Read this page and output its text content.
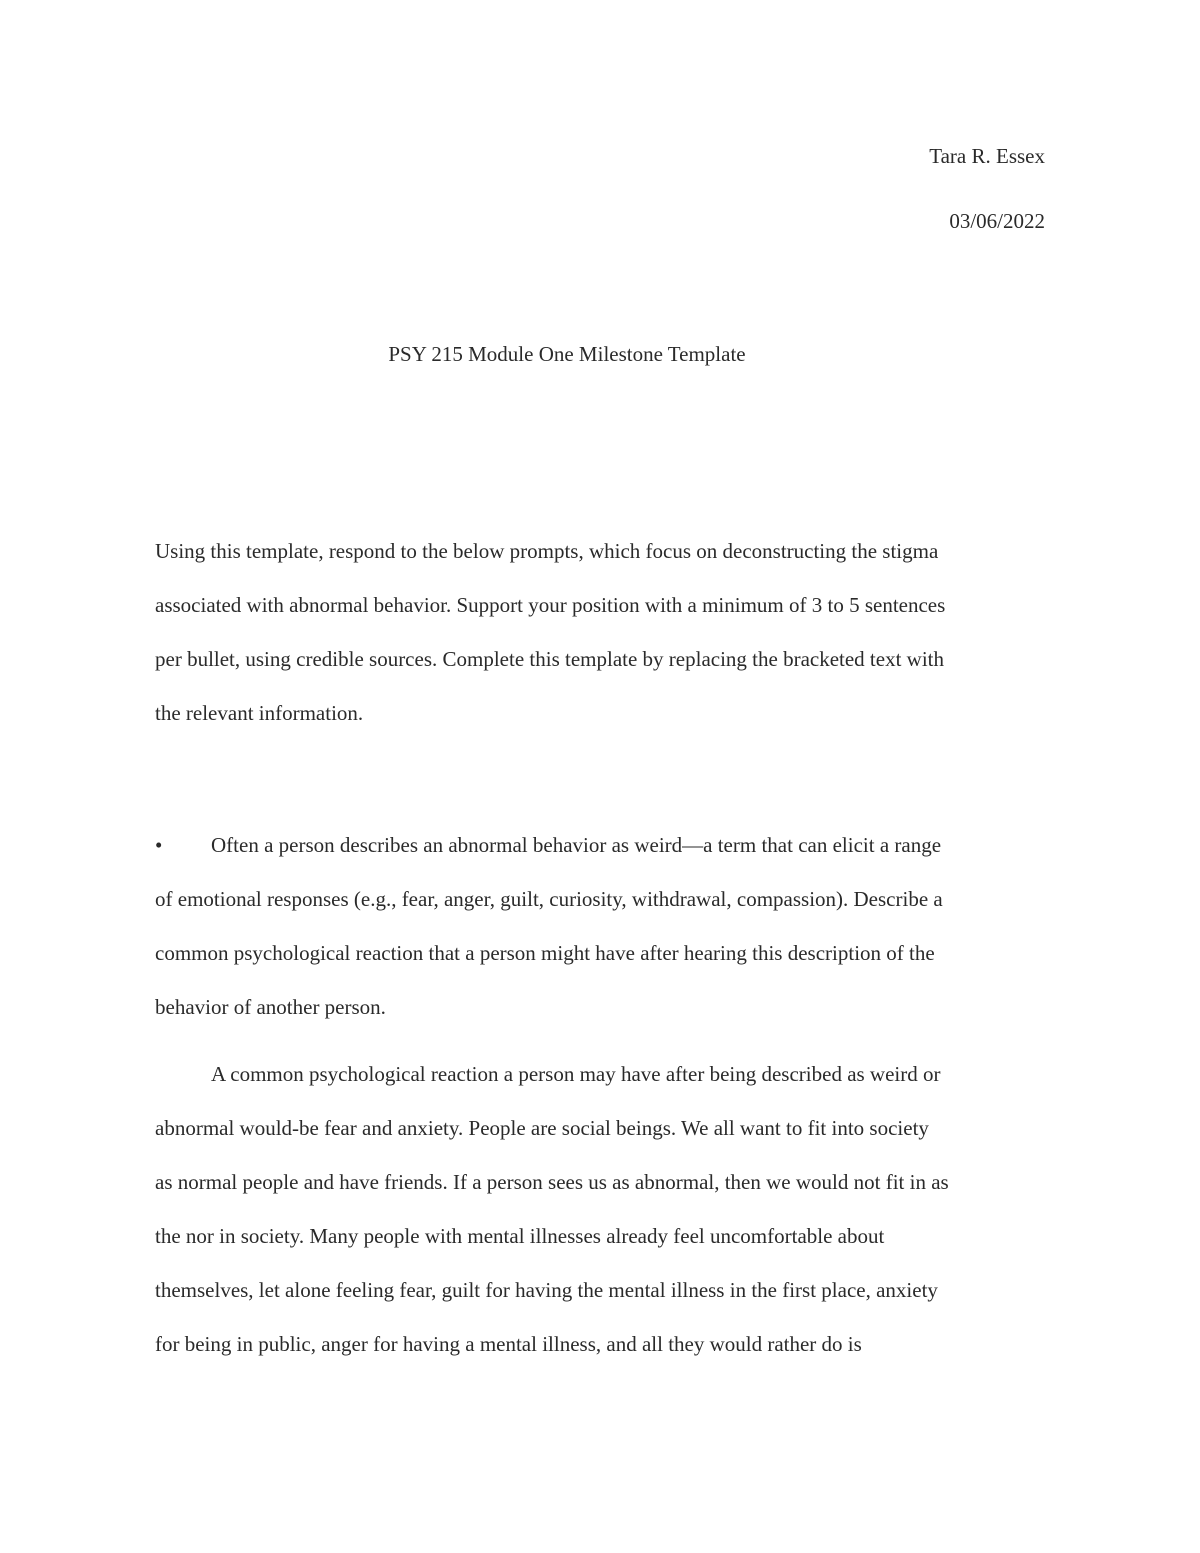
Tara R. Essex
03/06/2022
PSY 215 Module One Milestone Template
Using this template, respond to the below prompts, which focus on deconstructing the stigma
associated with abnormal behavior. Support your position with a minimum of 3 to 5 sentences
per bullet, using credible sources. Complete this template by replacing the bracketed text with
the relevant information.
• Often a person describes an abnormal behavior as weird—a term that can elicit a range
of emotional responses (e.g., fear, anger, guilt, curiosity, withdrawal, compassion). Describe a
common psychological reaction that a person might have after hearing this description of the
behavior of another person.
A common psychological reaction a person may have after being described as weird or
abnormal would-be fear and anxiety. People are social beings. We all want to fit into society
as normal people and have friends. If a person sees us as abnormal, then we would not fit in as
the nor in society. Many people with mental illnesses already feel uncomfortable about
themselves, let alone feeling fear, guilt for having the mental illness in the first place, anxiety
for being in public, anger for having a mental illness, and all they would rather do is
